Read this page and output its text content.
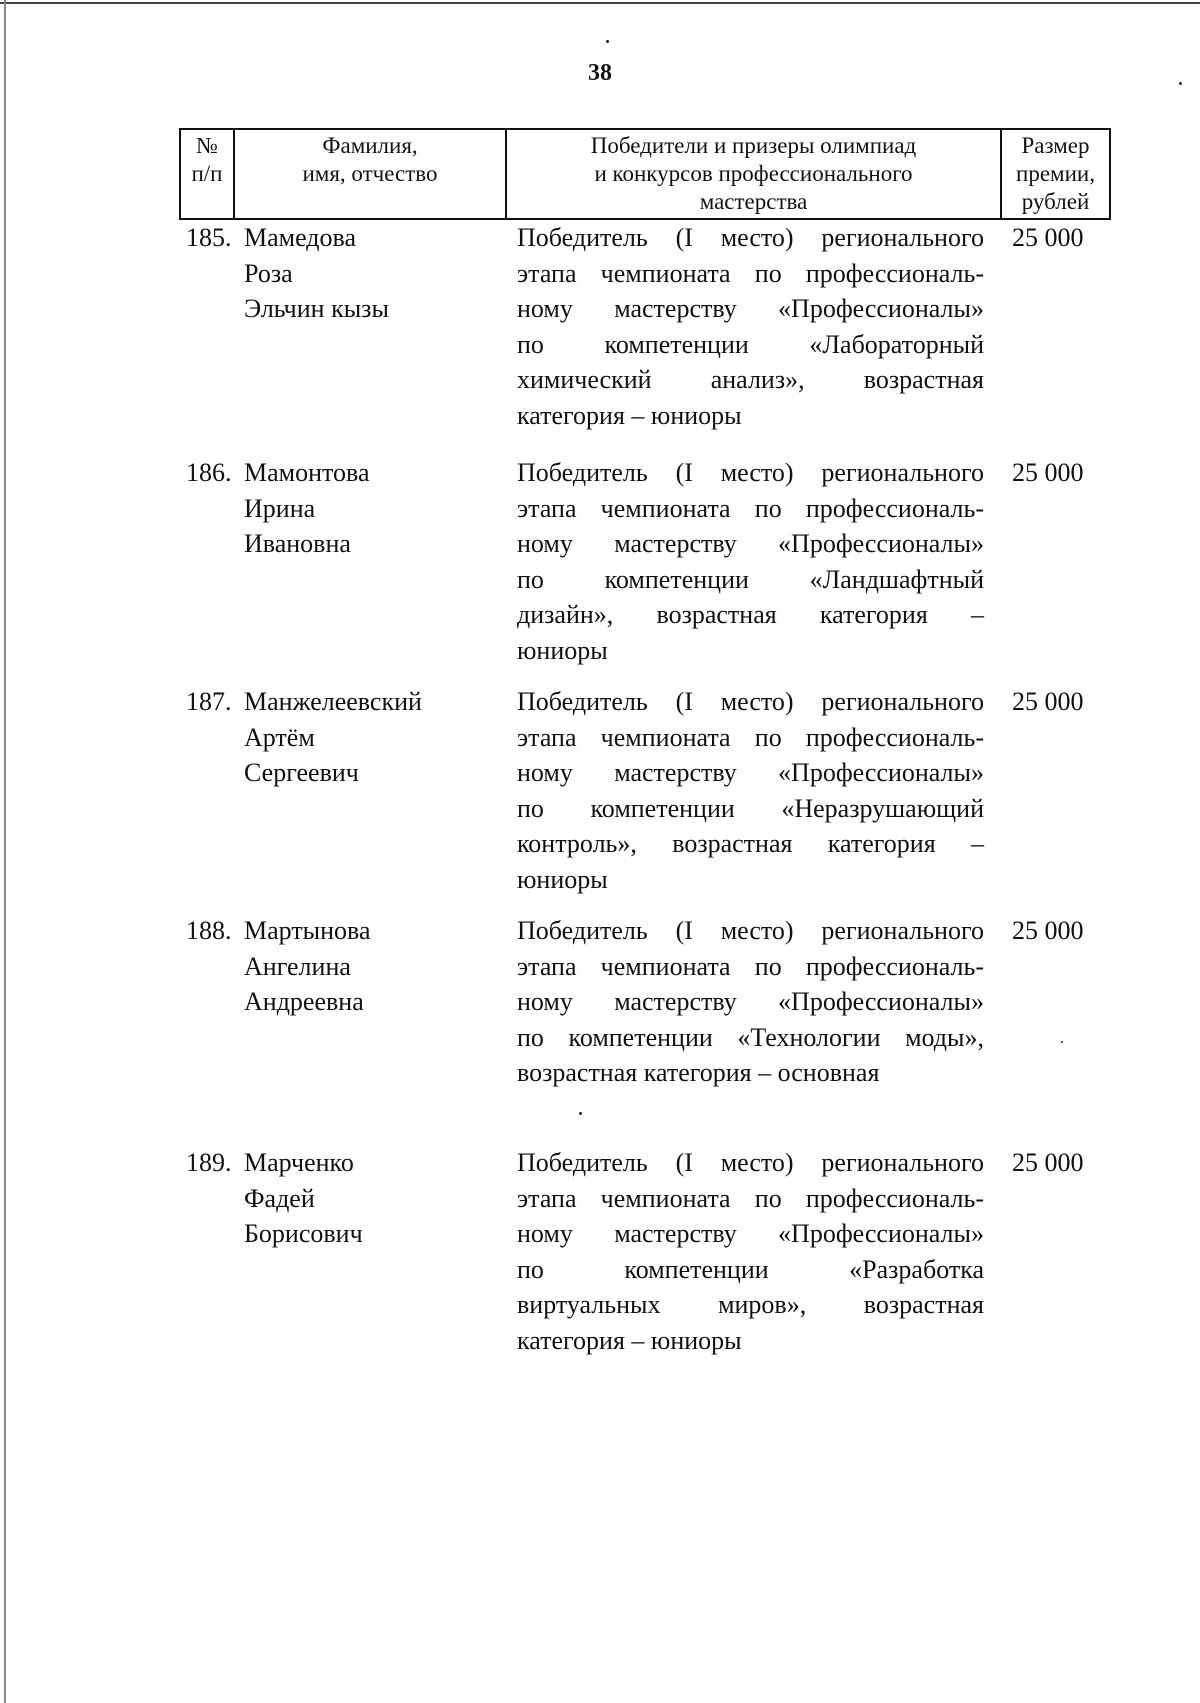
38
№
п/п
Фамилия,
имя, отчество
Победители и призеры олимпиад
и конкурсов профессионального
мастерства
Размер
премии,
рублей
185. Мамедова
Роза
Эльчин кызы
Победитель (I место) регионального
этапа чемпионата по профессиональ-
ному мастерству «Профессионалы»
по компетенции «Лабораторный
химический анализ», возрастная
категория – юниоры
25 000
186. Мамонтова
Ирина
Ивановна
Победитель (I место) регионального
этапа чемпионата по профессиональ-
ному мастерству «Профессионалы»
по компетенции «Ландшафтный
дизайн», возрастная категория –
юниоры
25 000
187. Манжелеевский
Артём
Сергеевич
Победитель (I место) регионального
этапа чемпионата по профессиональ-
ному мастерству «Профессионалы»
по компетенции «Неразрушающий
контроль», возрастная категория –
юниоры
25 000
188. Мартынова
Ангелина
Андреевна
Победитель (I место) регионального
этапа чемпионата по профессиональ-
ному мастерству «Профессионалы»
по компетенции «Технологии моды»,
возрастная категория – основная
25 000
189. Марченко
Фадей
Борисович
Победитель (I место) регионального
этапа чемпионата по профессиональ-
ному мастерству «Профессионалы»
по компетенции «Разработка
виртуальных миров», возрастная
категория – юниоры
25 000
